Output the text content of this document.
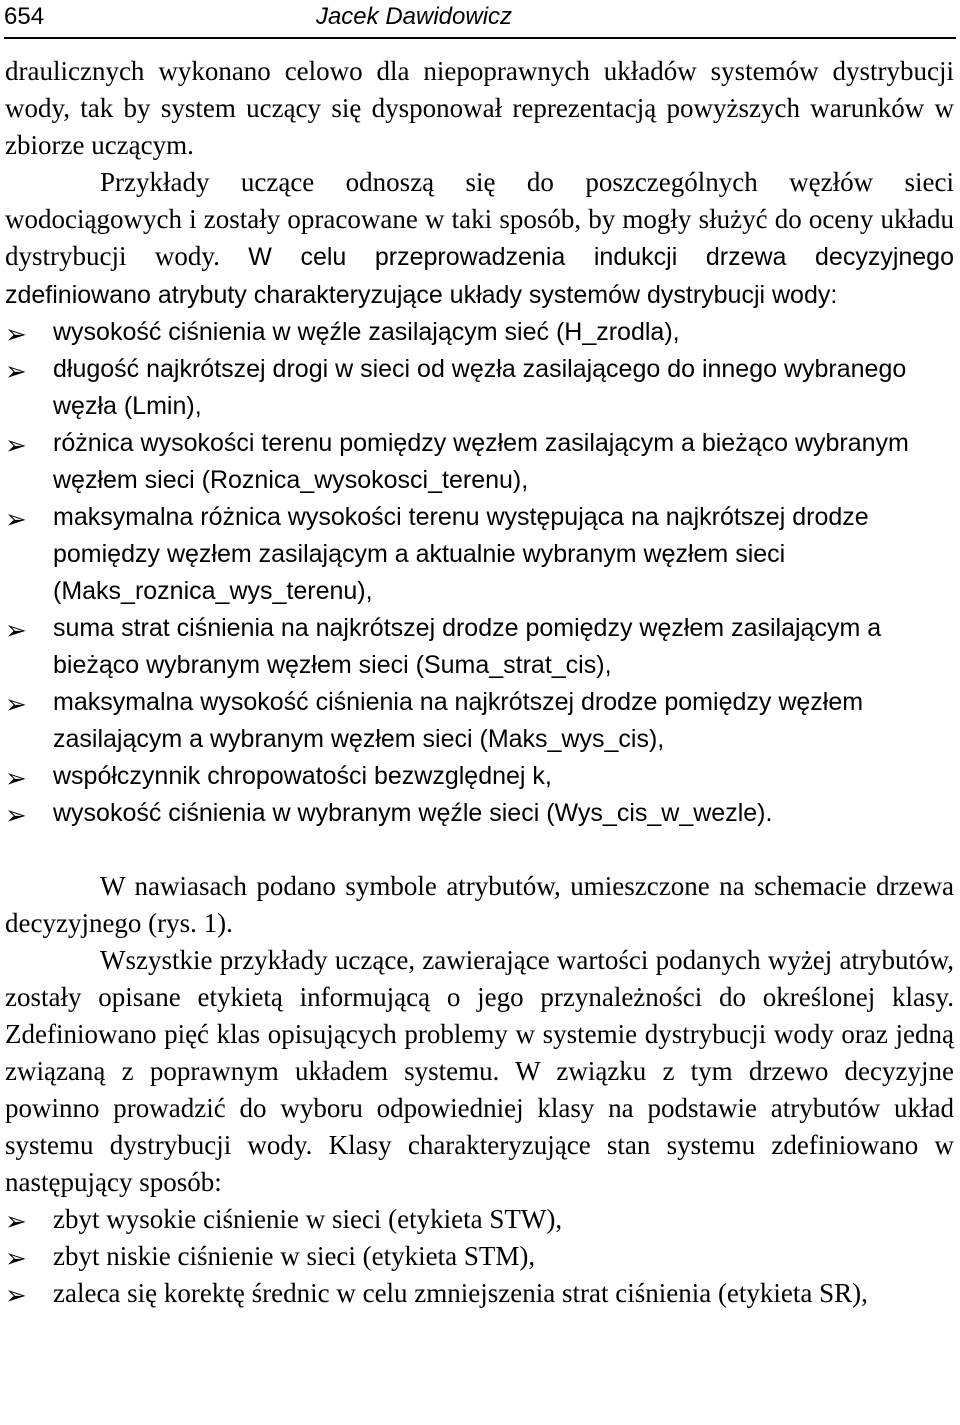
654	Jacek Dawidowicz

draulicznych wykonano celowo dla niepoprawnych układów systemów dystrybucji wody, tak by system uczący się dysponował reprezentacją powyższych warunków w zbiorze uczącym.

Przykłady uczące odnoszą się do poszczególnych węzłów sieci wodociągowych i zostały opracowane w taki sposób, by mogły służyć do oceny układu dystrybucji wody. W celu przeprowadzenia indukcji drzewa decyzyjnego zdefiniowano atrybuty charakteryzujące układy systemów dystrybucji wody:

➢ wysokość ciśnienia w węźle zasilającym sieć (H_zrodla),
➢ długość najkrótszej drogi w sieci od węzła zasilającego do innego wybranego węzła (Lmin),
➢ różnica wysokości terenu pomiędzy węzłem zasilającym a bieżąco wybranym węzłem sieci (Roznica_wysokosci_terenu),
➢ maksymalna różnica wysokości terenu występująca na najkrótszej drodze pomiędzy węzłem zasilającym a aktualnie wybranym węzłem sieci (Maks_roznica_wys_terenu),
➢ suma strat ciśnienia na najkrótszej drodze pomiędzy węzłem zasilającym a bieżąco wybranym węzłem sieci (Suma_strat_cis),
➢ maksymalna wysokość ciśnienia na najkrótszej drodze pomiędzy węzłem zasilającym a wybranym węzłem sieci (Maks_wys_cis),
➢ współczynnik chropowatości bezwzględnej k,
➢ wysokość ciśnienia w wybranym węźle sieci (Wys_cis_w_wezle).

W nawiasach podano symbole atrybutów, umieszczone na schemacie drzewa decyzyjnego (rys. 1).

Wszystkie przykłady uczące, zawierające wartości podanych wyżej atrybutów, zostały opisane etykietą informującą o jego przynależności do określonej klasy. Zdefiniowano pięć klas opisujących problemy w systemie dystrybucji wody oraz jedną związaną z poprawnym układem systemu. W związku z tym drzewo decyzyjne powinno prowadzić do wyboru odpowiedniej klasy na podstawie atrybutów układ systemu dystrybucji wody. Klasy charakteryzujące stan systemu zdefiniowano w następujący sposób:

➢ zbyt wysokie ciśnienie w sieci (etykieta STW),
➢ zbyt niskie ciśnienie w sieci (etykieta STM),
➢ zaleca się korektę średnic w celu zmniejszenia strat ciśnienia (etykieta SR),
